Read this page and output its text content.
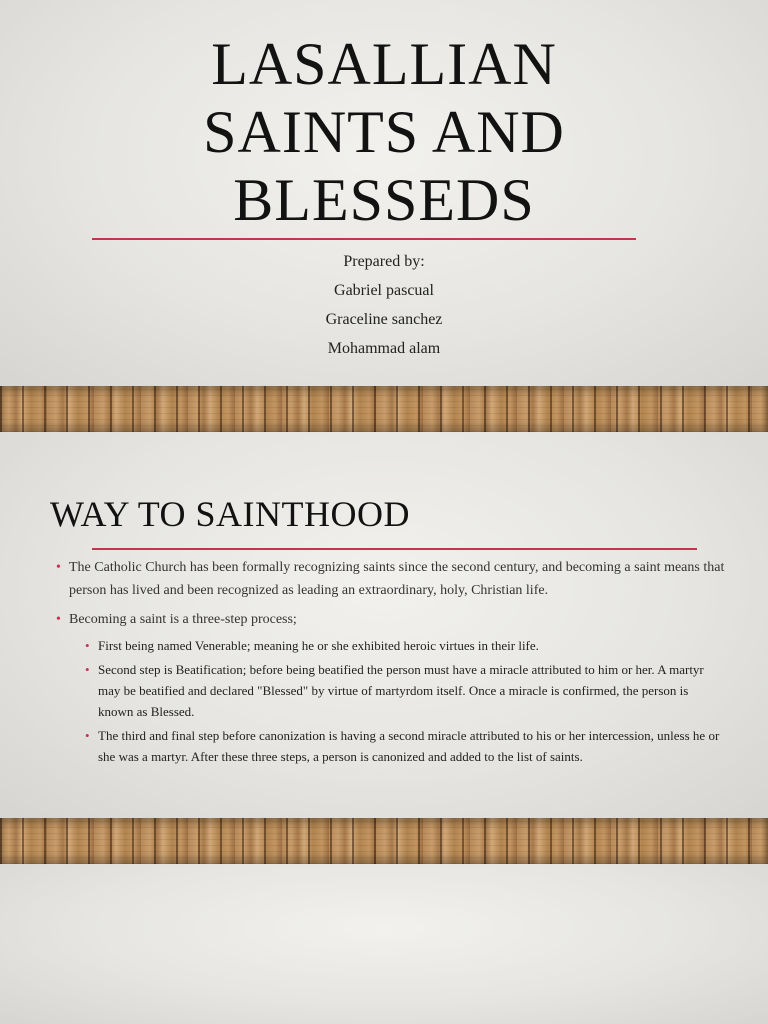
LASALLIAN
SAINTS AND
BLESSEDS
Prepared by:
Gabriel pascual
Graceline sanchez
Mohammad alam
WAY TO SAINTHOOD
• The Catholic Church has been formally recognizing saints since the second century, and becoming a saint means that person has lived and been recognized as leading an extraordinary, holy, Christian life.
• Becoming a saint is a three-step process;
• First being named Venerable; meaning he or she exhibited heroic virtues in their life.
• Second step is Beatification; before being beatified the person must have a miracle attributed to him or her. A martyr may be beatified and declared "Blessed" by virtue of martyrdom itself. Once a miracle is confirmed, the person is known as Blessed.
• The third and final step before canonization is having a second miracle attributed to his or her intercession, unless he or she was a martyr. After these three steps, a person is canonized and added to the list of saints.
